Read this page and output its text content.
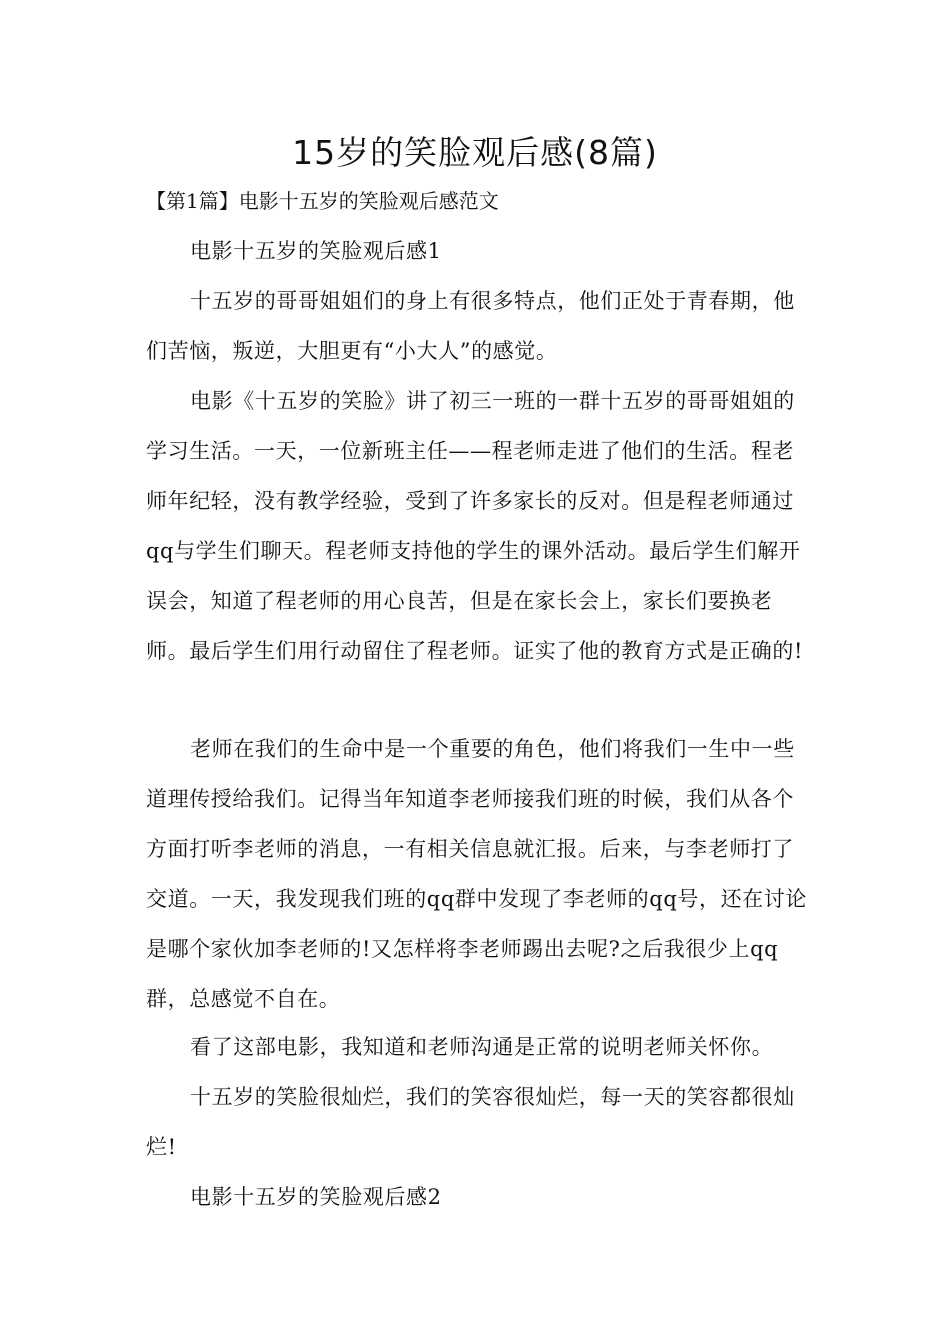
15岁的笑脸观后感(8篇)
【第1篇】电影十五岁的笑脸观后感范文

电影十五岁的笑脸观后感1

十五岁的哥哥姐姐们的身上有很多特点，他们正处于青春期，他们苦恼，叛逆，大胆更有“小大人”的感觉。

电影《十五岁的笑脸》讲了初三一班的一群十五岁的哥哥姐姐的学习生活。一天，一位新班主任——程老师走进了他们的生活。程老师年纪轻，没有教学经验，受到了许多家长的反对。但是程老师通过qq与学生们聊天。程老师支持他的学生的课外活动。最后学生们解开误会，知道了程老师的用心良苦，但是在家长会上，家长们要换老师。最后学生们用行动留住了程老师。证实了他的教育方式是正确的!

老师在我们的生命中是一个重要的角色，他们将我们一生中一些道理传授给我们。记得当年知道李老师接我们班的时候，我们从各个方面打听李老师的消息，一有相关信息就汇报。后来，与李老师打了交道。一天，我发现我们班的qq群中发现了李老师的qq号，还在讨论是哪个家伙加李老师的!又怎样将李老师踢出去呢?之后我很少上qq群，总感觉不自在。

看了这部电影，我知道和老师沟通是正常的说明老师关怀你。

十五岁的笑脸很灿烂，我们的笑容很灿烂，每一天的笑容都很灿烂!

电影十五岁的笑脸观后感2
